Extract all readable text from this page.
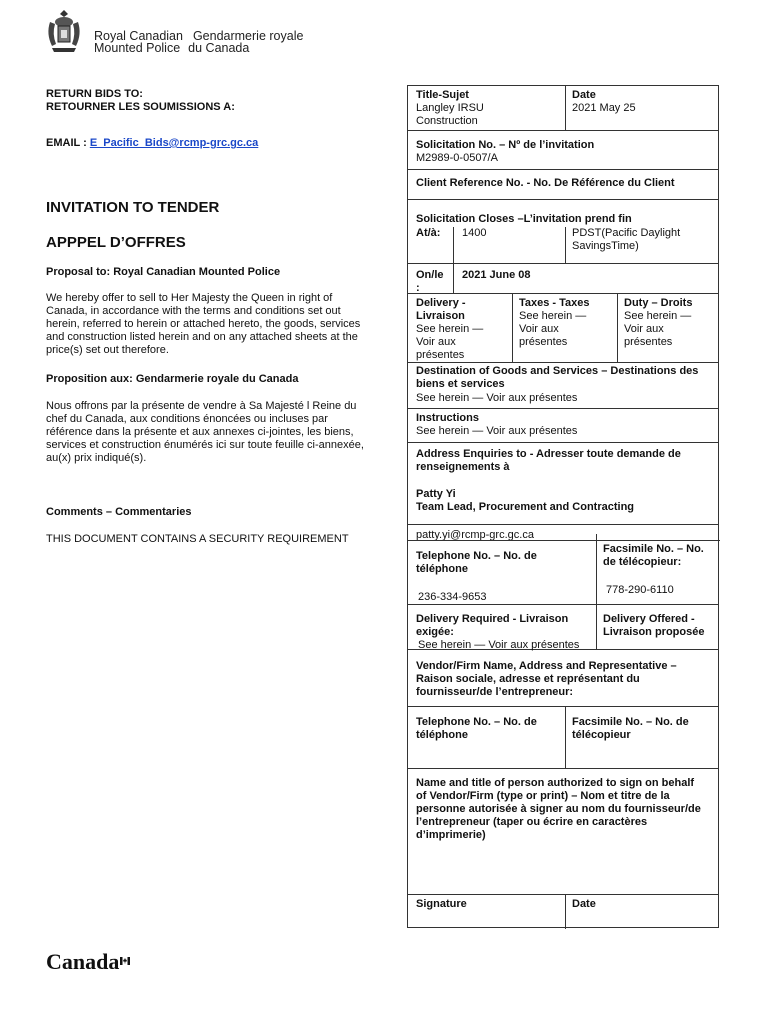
Royal Canadian Gendarmerie royale
Mounted Police du Canada
RETURN BIDS TO:
RETOURNER LES SOUMISSIONS A:
EMAIL : E_Pacific_Bids@rcmp-grc.gc.ca
INVITATION TO TENDER
APPPEL D’OFFRES
Proposal to: Royal Canadian Mounted Police
We hereby offer to sell to Her Majesty the Queen in right of Canada, in accordance with the terms and conditions set out herein, referred to herein or attached hereto, the goods, services and construction listed herein and on any attached sheets at the price(s) set out therefore.
Proposition aux: Gendarmerie royale du Canada
Nous offrons par la présente de vendre à Sa Majesté l Reine du chef du Canada, aux conditions énoncées ou incluses par référence dans la présente et aux annexes ci-jointes, les biens, services et construction énumérés ici sur toute feuille ci-annexée, au(x) prix indiqué(s).
Comments – Commentaries
THIS DOCUMENT CONTAINS A SECURITY REQUIREMENT
Title-Sujet
Langley IRSU
Construction
Date
2021 May 25
Solicitation No. – Nº de l’invitation
M2989-0-0507/A
Client Reference No. - No. De Référence du Client
Solicitation Closes –L’invitation prend fin
At/à: 1400	PDST(Pacific Daylight
SavingsTime)
On/le
:
2021 June 08
Delivery -
Livraison
See herein —
Voir aux
présentes
Taxes - Taxes
See herein —
Voir aux
présentes
Duty – Droits
See herein —
Voir aux
présentes
Destination of Goods and Services – Destinations des
biens et services
See herein — Voir aux présentes
Instructions
See herein — Voir aux présentes
Address Enquiries to - Adresser toute demande de
renseignements à
Patty Yi
Team Lead, Procurement and Contracting
patty.yi@rcmp-grc.gc.ca
Telephone No. – No. de
téléphone
236-334-9653
Facsimile No. – No.
de télécopieur:
778-290-6110
Delivery Required - Livraison
exigée:
See herein — Voir aux présentes
Delivery Offered -
Livraison proposée
Vendor/Firm Name, Address and Representative –
Raison sociale, adresse et représentant du
fournisseur/de l’entrepreneur:
Telephone No. – No. de
téléphone
Facsimile No. – No. de
télécopieur
Name and title of person authorized to sign on behalf
of Vendor/Firm (type or print) – Nom et titre de la
personne autorisée à signer au nom du fournisseur/de
l’entrepreneur (taper ou écrire en caractères
d’imprimerie)
Signature	Date
Canada
